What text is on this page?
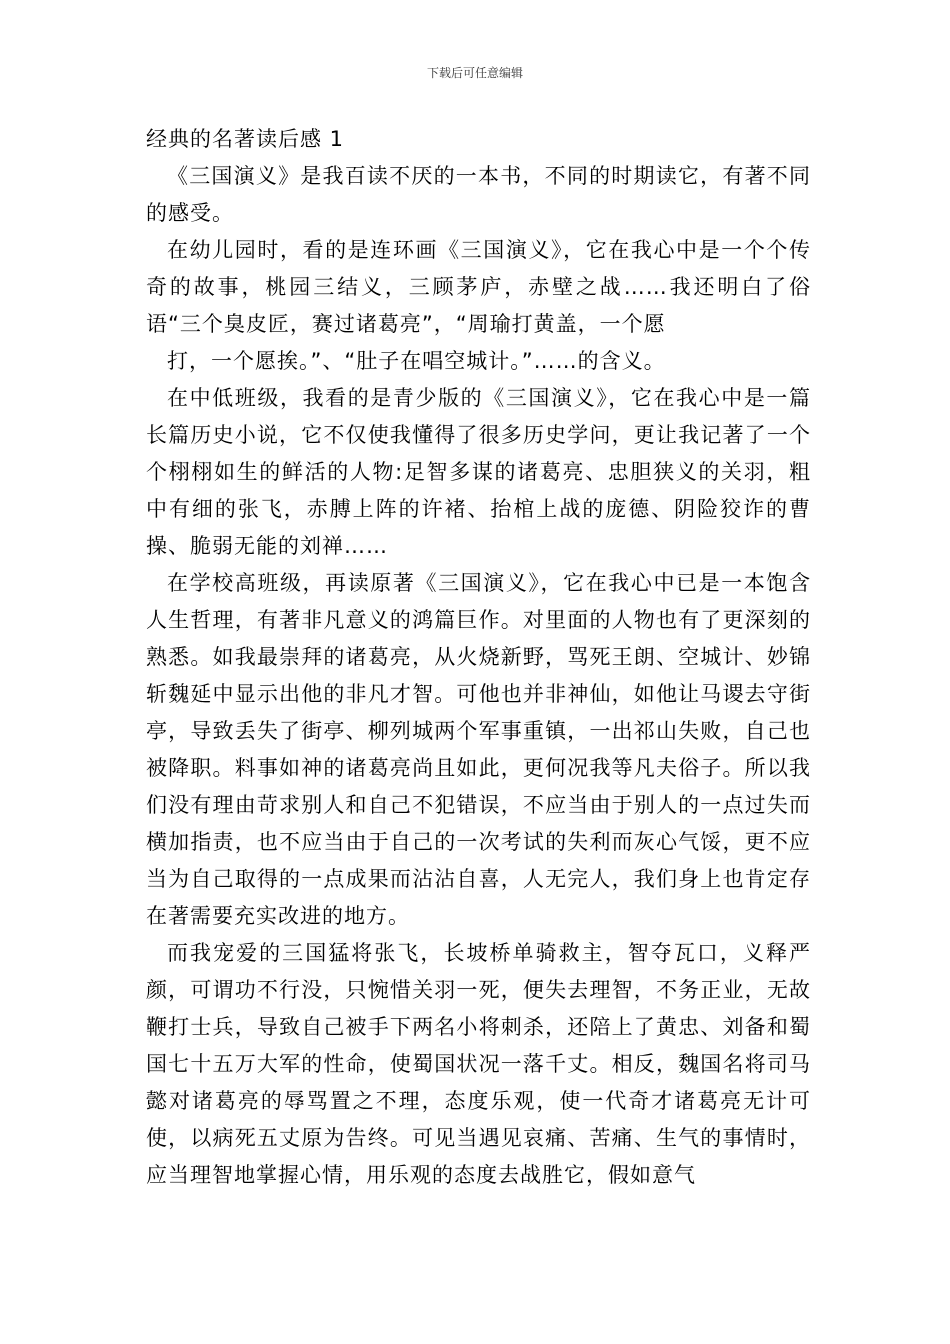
下载后可任意编辑
经典的名著读后感 1

《三国演义》是我百读不厌的一本书，不同的时期读它，有著不同的感受。

在幼儿园时，看的是连环画《三国演义》，它在我心中是一个个传奇的故事，桃园三结义，三顾茅庐，赤壁之战……我还明白了俗语“三个臭皮匠，赛过诸葛亮”，“周瑜打黄盖，一个愿

打，一个愿挨。”、“肚子在唱空城计。”……的含义。

在中低班级，我看的是青少版的《三国演义》，它在我心中是一篇长篇历史小说，它不仅使我懂得了很多历史学问，更让我记著了一个个栩栩如生的鲜活的人物:足智多谋的诸葛亮、忠胆狭义的关羽，粗中有细的张飞，赤膊上阵的许褚、抬棺上战的庞德、阴险狡诈的曹操、脆弱无能的刘禅……

在学校高班级，再读原著《三国演义》，它在我心中已是一本饱含人生哲理，有著非凡意义的鸿篇巨作。对里面的人物也有了更深刻的熟悉。如我最崇拜的诸葛亮，从火烧新野，骂死王朗、空城计、妙锦斩魏延中显示出他的非凡才智。可他也并非神仙，如他让马谡去守街亭，导致丢失了街亭、柳列城两个军事重镇，一出祁山失败，自己也被降职。料事如神的诸葛亮尚且如此，更何况我等凡夫俗子。所以我们没有理由苛求别人和自己不犯错误，不应当由于别人的一点过失而横加指责，也不应当由于自己的一次考试的失利而灰心气馁，更不应当为自己取得的一点成果而沾沾自喜，人无完人，我们身上也肯定存在著需要充实改进的地方。

而我宠爱的三国猛将张飞，长坡桥单骑救主，智夺瓦口，义释严颜，可谓功不行没，只惋惜关羽一死，便失去理智，不务正业，无故鞭打士兵，导致自己被手下两名小将刺杀，还陪上了黄忠、刘备和蜀国七十五万大军的性命，使蜀国状况一落千丈。相反，魏国名将司马懿对诸葛亮的辱骂置之不理，态度乐观，使一代奇才诸葛亮无计可使，以病死五丈原为告终。可见当遇见哀痛、苦痛、生气的事情时，应当理智地掌握心情，用乐观的态度去战胜它，假如意气
